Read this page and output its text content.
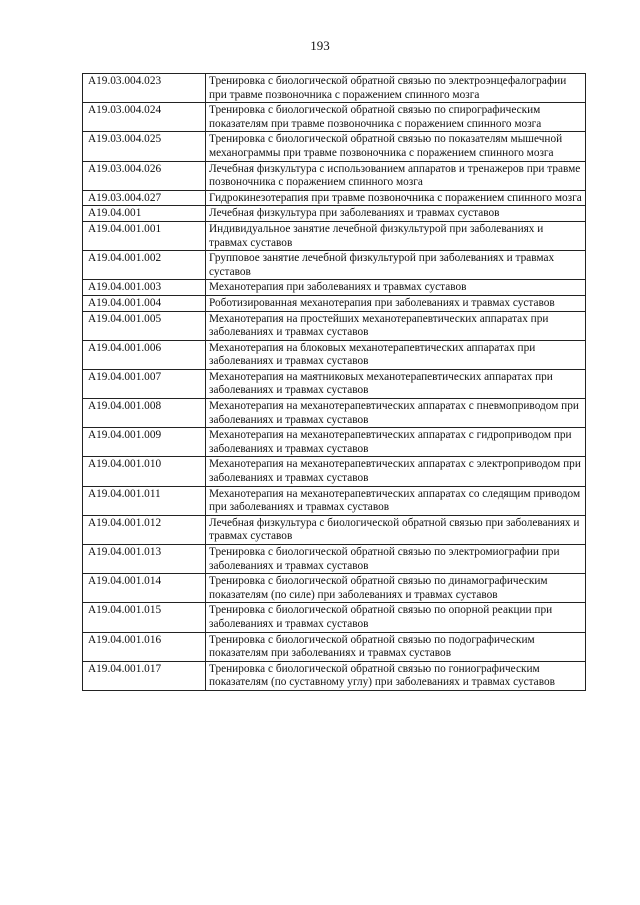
193
A19.03.004.023	Тренировка с биологической обратной связью по электроэнцефалографии при травме позвоночника с поражением спинного мозга
A19.03.004.024	Тренировка с биологической обратной связью по спирографическим показателям при травме позвоночника с поражением спинного мозга
A19.03.004.025	Тренировка с биологической обратной связью по показателям мышечной механограммы при травме позвоночника с поражением спинного мозга
A19.03.004.026	Лечебная физкультура с использованием аппаратов и тренажеров при травме позвоночника с поражением спинного мозга
A19.03.004.027	Гидрокинезотерапия при травме позвоночника с поражением спинного мозга
A19.04.001	Лечебная физкультура при заболеваниях и травмах суставов
A19.04.001.001	Индивидуальное занятие лечебной физкультурой при заболеваниях и травмах суставов
A19.04.001.002	Групповое занятие лечебной физкультурой при заболеваниях и травмах суставов
A19.04.001.003	Механотерапия при заболеваниях и травмах суставов
A19.04.001.004	Роботизированная механотерапия при заболеваниях и травмах суставов
A19.04.001.005	Механотерапия на простейших механотерапевтических аппаратах при заболеваниях и травмах суставов
A19.04.001.006	Механотерапия на блоковых механотерапевтических аппаратах при заболеваниях и травмах суставов
A19.04.001.007	Механотерапия на маятниковых механотерапевтических аппаратах при заболеваниях и травмах суставов
A19.04.001.008	Механотерапия на механотерапевтических аппаратах с пневмоприводом при заболеваниях и травмах суставов
A19.04.001.009	Механотерапия на механотерапевтических аппаратах с гидроприводом при заболеваниях и травмах суставов
A19.04.001.010	Механотерапия на механотерапевтических аппаратах с электроприводом при заболеваниях и травмах суставов
A19.04.001.011	Механотерапия на механотерапевтических аппаратах со следящим приводом при заболеваниях и травмах суставов
A19.04.001.012	Лечебная физкультура с биологической обратной связью при заболеваниях и травмах суставов
A19.04.001.013	Тренировка с биологической обратной связью по электромиографии при заболеваниях и травмах суставов
A19.04.001.014	Тренировка с биологической обратной связью по динамографическим показателям (по силе) при заболеваниях и травмах суставов
A19.04.001.015	Тренировка с биологической обратной связью по опорной реакции при заболеваниях и травмах суставов
A19.04.001.016	Тренировка с биологической обратной связью по подографическим показателям при заболеваниях и травмах суставов
A19.04.001.017	Тренировка с биологической обратной связью по гониографическим показателям (по суставному углу) при заболеваниях и травмах суставов
